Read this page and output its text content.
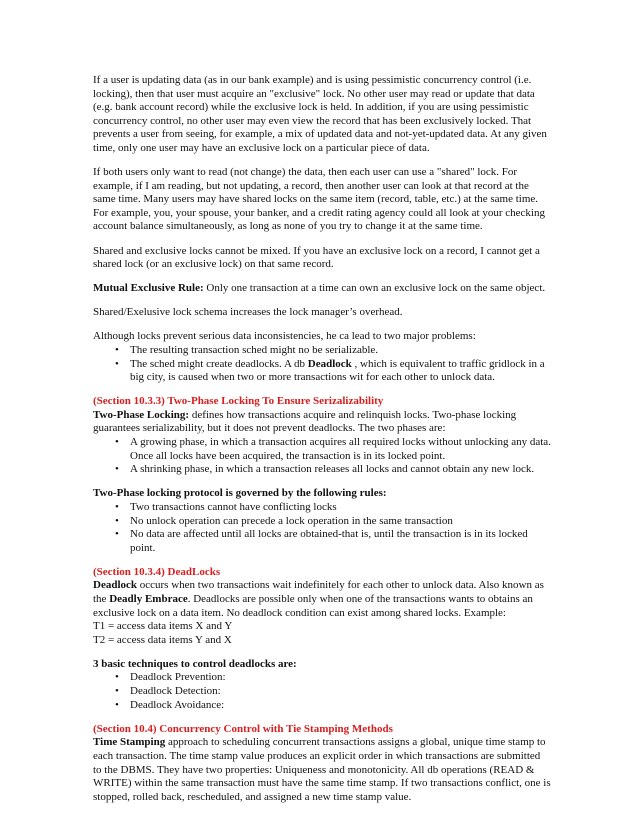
If a user is updating data (as in our bank example) and is using pessimistic concurrency control (i.e. locking), then that user must acquire an "exclusive" lock. No other user may read or update that data (e.g. bank account record) while the exclusive lock is held. In addition, if you are using pessimistic concurrency control, no other user may even view the record that has been exclusively locked. That prevents a user from seeing, for example, a mix of updated data and not-yet-updated data. At any given time, only one user may have an exclusive lock on a particular piece of data.

If both users only want to read (not change) the data, then each user can use a "shared" lock. For example, if I am reading, but not updating, a record, then another user can look at that record at the same time. Many users may have shared locks on the same item (record, table, etc.) at the same time. For example, you, your spouse, your banker, and a credit rating agency could all look at your checking account balance simultaneously, as long as none of you try to change it at the same time.

Shared and exclusive locks cannot be mixed. If you have an exclusive lock on a record, I cannot get a shared lock (or an exclusive lock) on that same record.

Mutual Exclusive Rule: Only one transaction at a time can own an exclusive lock on the same object.

Shared/Exelusive lock schema increases the lock manager’s overhead.

Although locks prevent serious data inconsistencies, he ca lead to two major problems:

• The resulting transaction sched might no be serializable.
• The sched might create deadlocks. A db Deadlock , which is equivalent to traffic gridlock in a big city, is caused when two or more transactions wit for each other to unlock data.
(Section 10.3.3) Two-Phase Locking To Ensure Serizalizability

Two-Phase Locking: defines how transactions acquire and relinquish locks. Two-phase locking guarantees serializability, but it does not prevent deadlocks. The two phases are:

• A growing phase, in which a transaction acquires all required locks without unlocking any data. Once all locks have been acquired, the transaction is in its locked point.
• A shrinking phase, in which a transaction releases all locks and cannot obtain any new lock.
Two-Phase locking protocol is governed by the following rules:
• Two transactions cannot have conflicting locks
• No unlock operation can precede a lock operation in the same transaction
• No data are affected until all locks are obtained-that is, until the transaction is in its locked point.
(Section 10.3.4) DeadLocks

Deadlock occurs when two transactions wait indefinitely for each other to unlock data. Also known as the Deadly Embrace. Deadlocks are possible only when one of the transactions wants to obtains an exclusive lock on a data item. No deadlock condition can exist among shared locks. Example:

T1 = access data items X and Y

T2 = access data items Y and X

3 basic techniques to control deadlocks are:
• Deadlock Prevention:
• Deadlock Detection:
• Deadlock Avoidance:
(Section 10.4) Concurrency Control with Tie Stamping Methods

Time Stamping approach to scheduling concurrent transactions assigns a global, unique time stamp to each transaction. The time stamp value produces an explicit order in which transactions are submitted to the DBMS. They have two properties: Uniqueness and monotonicity. All db operations (READ & WRITE) within the same transaction must have the same time stamp. If two transactions conflict, one is stopped, rolled back, rescheduled, and assigned a new time stamp value.
